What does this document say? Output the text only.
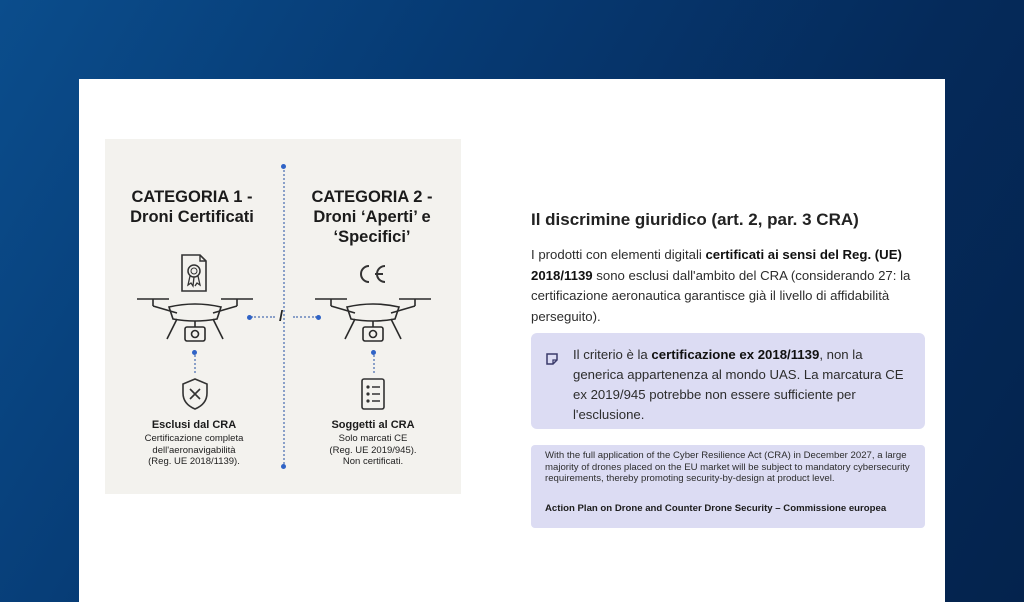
CATEGORIA 1 -
Droni Certificati
CATEGORIA 2 -
Droni ‘Aperti’ e
‘Specifici’
/
Esclusi dal CRA
Certificazione completa
dell'aeronavigabilità
(Reg. UE 2018/1139).
Soggetti al CRA
Solo marcati CE
(Reg. UE 2019/945).
Non certificati.
Il discrimine giuridico (art. 2, par. 3 CRA)
I prodotti con elementi digitali certificati ai sensi del Reg. (UE) 2018/1139 sono esclusi dall'ambito del CRA (considerando 27: la certificazione aeronautica garantisce già il livello di affidabilità perseguito).
Il criterio è la certificazione ex 2018/1139, non la generica appartenenza al mondo UAS. La marcatura CE ex 2019/945 potrebbe non essere sufficiente per l'esclusione.
With the full application of the Cyber Resilience Act (CRA) in December 2027, a large majority of drones placed on the EU market will be subject to mandatory cybersecurity requirements, thereby promoting security-by-design at product level.
Action Plan on Drone and Counter Drone Security – Commissione europea
